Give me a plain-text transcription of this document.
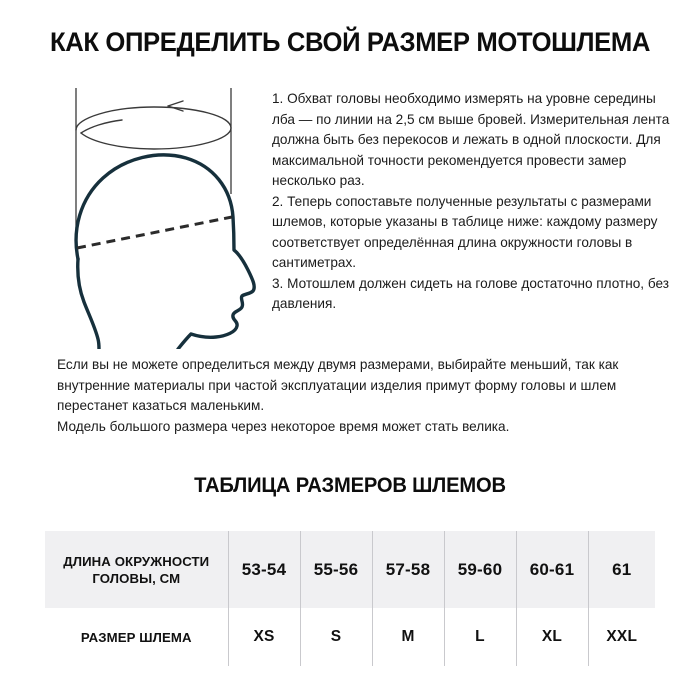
КАК ОПРЕДЕЛИТЬ СВОЙ РАЗМЕР МОТОШЛЕМА

1. Обхват головы необходимо измерять на уровне середины лба — по линии на 2,5 см выше бровей. Измерительная лента должна быть без перекосов и лежать в одной плоскости. Для максимальной точности рекомендуется провести замер несколько раз.

2. Теперь сопоставьте полученные результаты с размерами шлемов, которые указаны в таблице ниже: каждому размеру соответствует определённая длина окружности головы в сантиметрах.

3. Мотошлем должен сидеть на голове достаточно плотно, без давления.

Если вы не можете определиться между двумя размерами, выбирайте меньший, так как внутренние материалы при частой эксплуатации изделия примут форму головы и шлем перестанет казаться маленьким.

Модель большого размера через некоторое время может стать велика.

ТАБЛИЦА РАЗМЕРОВ ШЛЕМОВ
ДЛИНА ОКРУЖНОСТИ ГОЛОВЫ, СМ	53-54	55-56	57-58	59-60	60-61	61
РАЗМЕР ШЛЕМА	XS	S	M	L	XL	XXL
